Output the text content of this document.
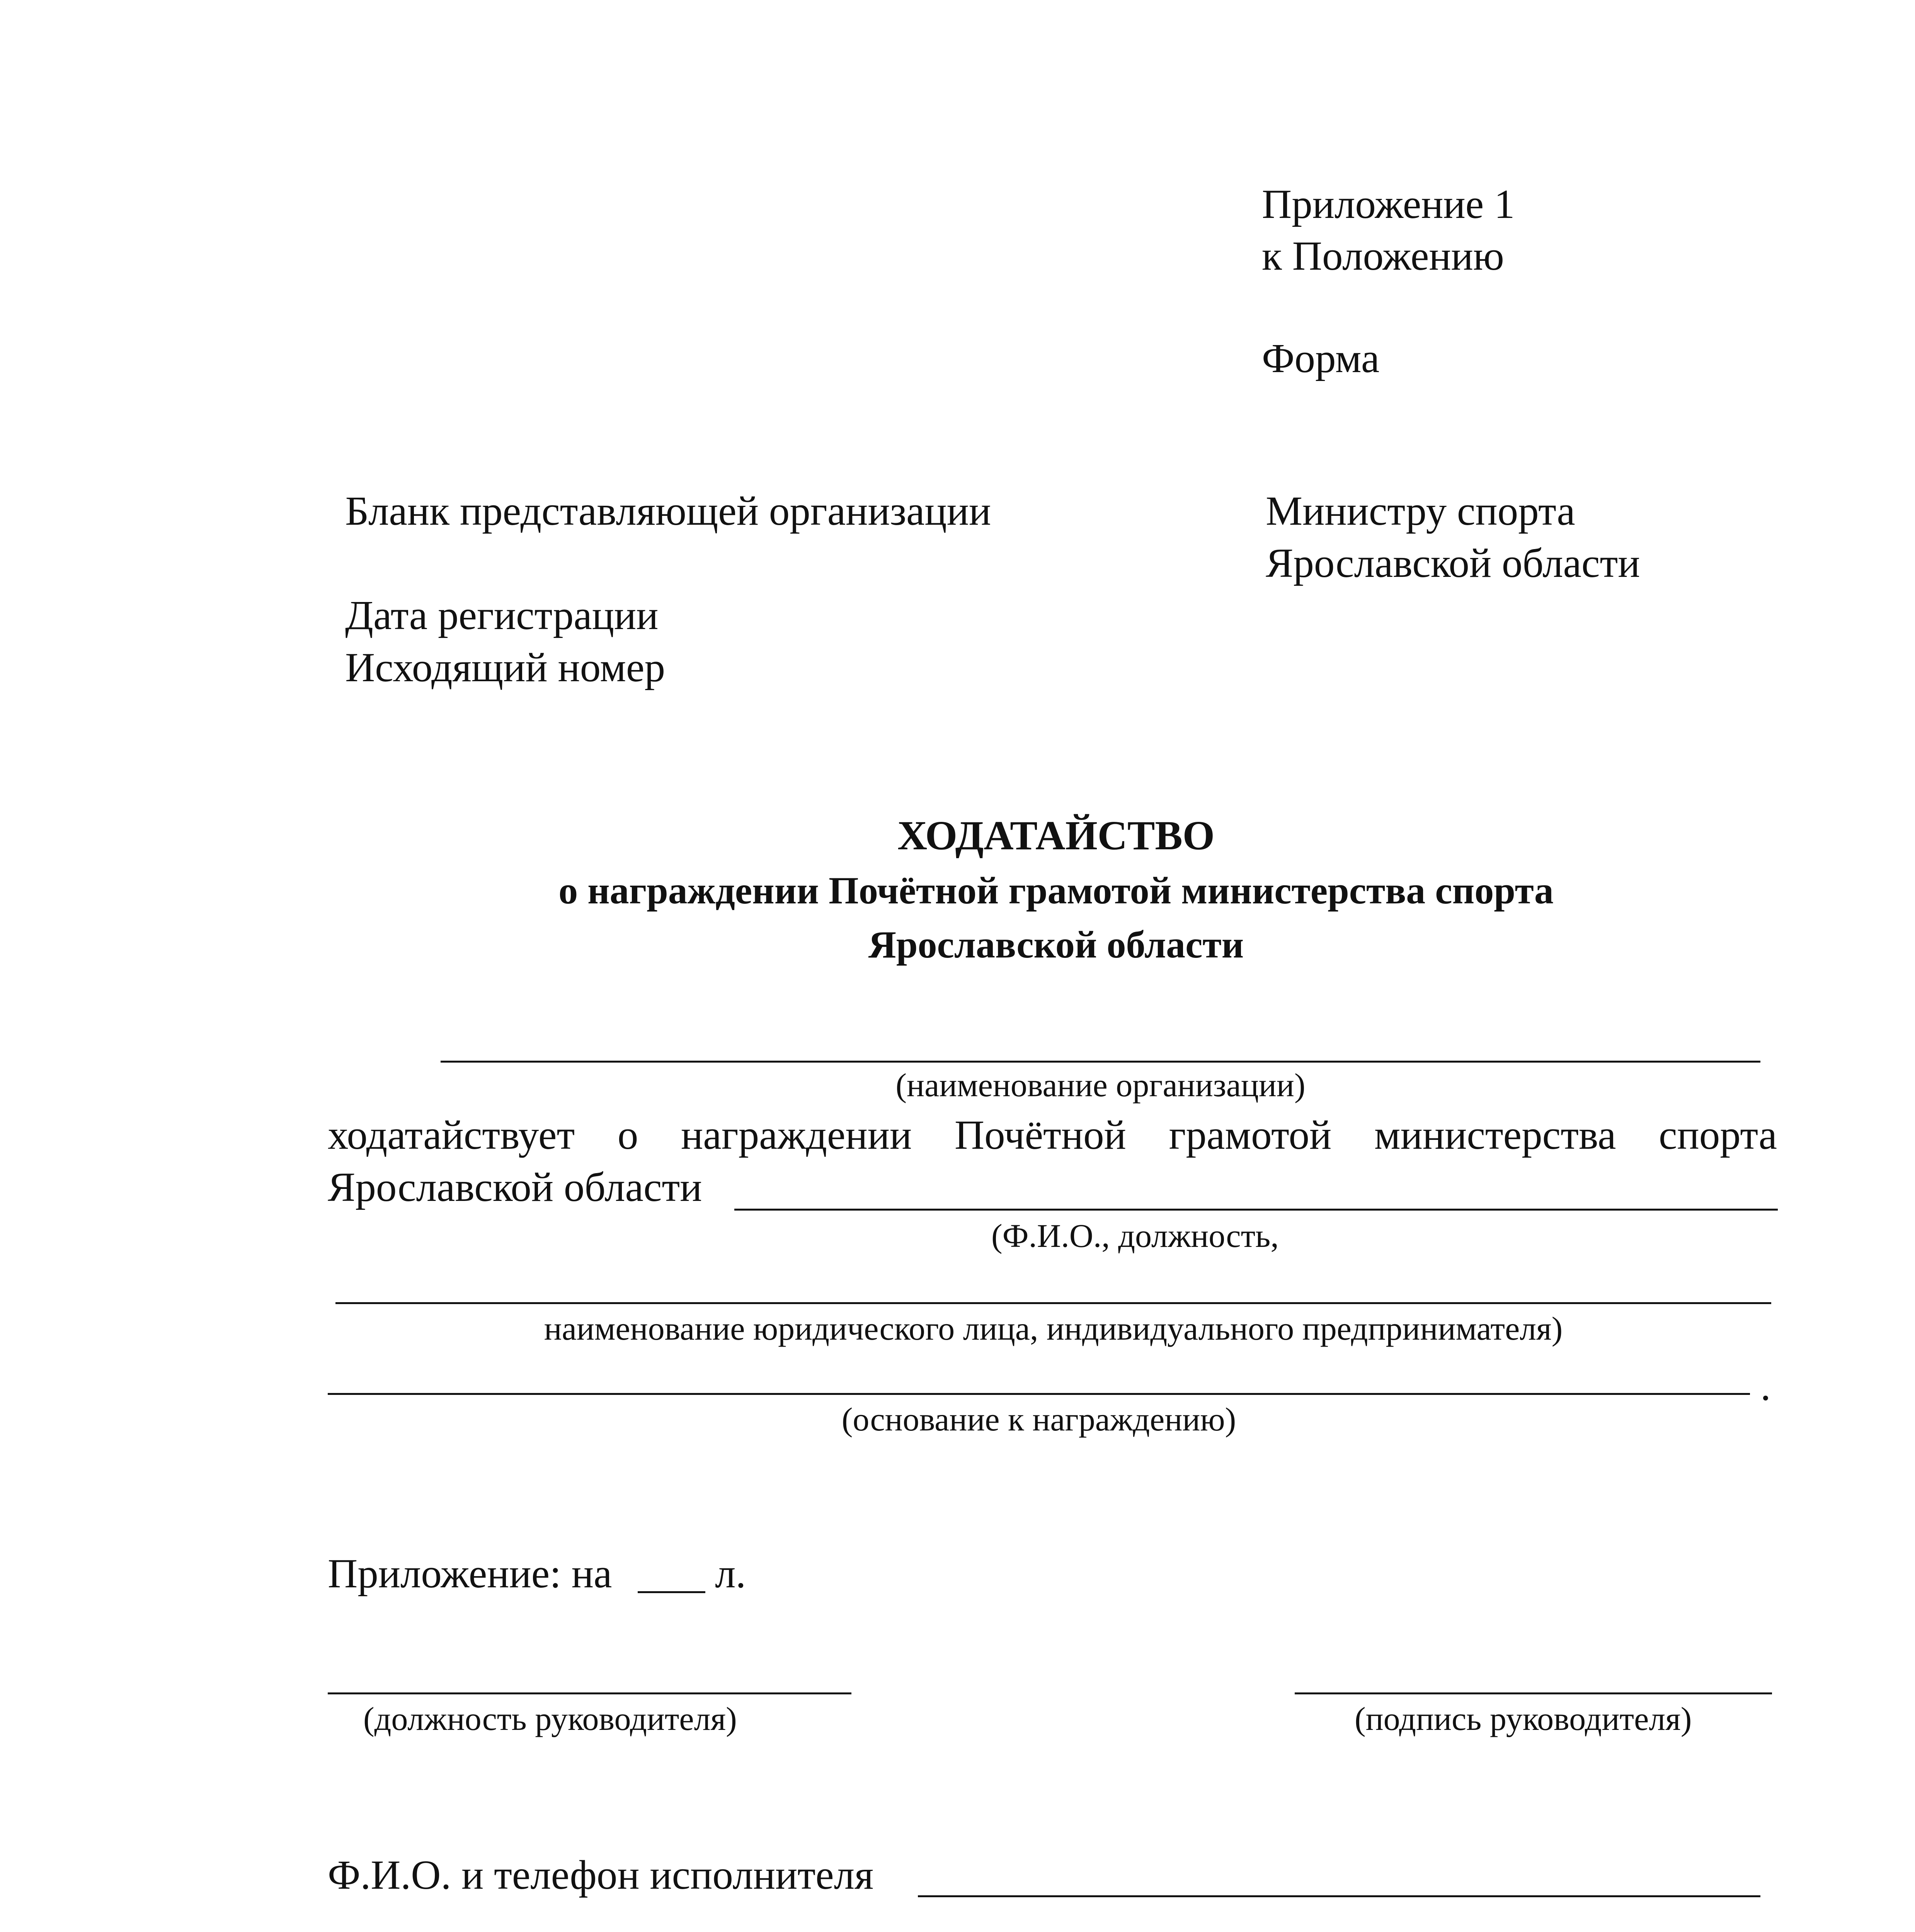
Приложение 1

к Положению

Форма

Бланк представляющей организации

Дата регистрации

Исходящий номер

Министру спорта

Ярославской области

ХОДАТАЙСТВО

о награждении Почётной грамотой министерства спорта

Ярославской области

(наименование организации)

ходатайствует о награждении Почётной грамотой министерства спорта

Ярославской области

(Ф.И.О., должность,

наименование юридического лица, индивидуального предпринимателя)

.

(основание к награждению)

Приложение: на л.

(должность руководителя)	(подпись руководителя)

Ф.И.О. и телефон исполнителя
